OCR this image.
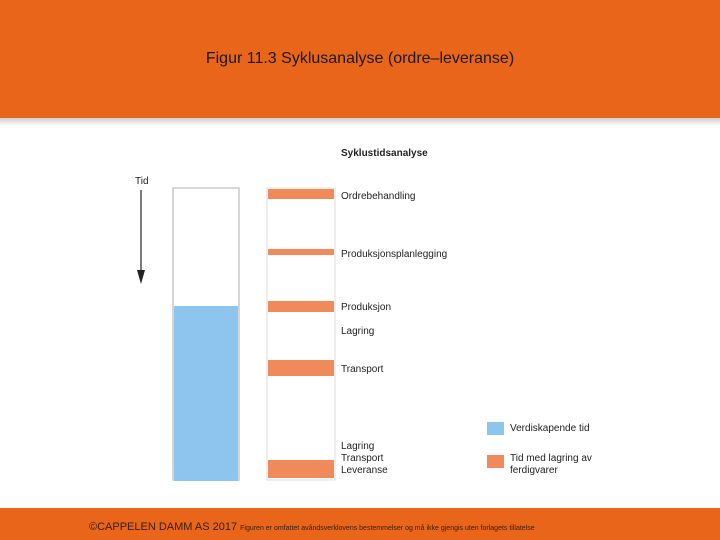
Figur 11.3 Syklusanalyse (ordre–leveranse)
Syklustidsanalyse
Tid
Ordrebehandling
Produksjonsplanlegging
Produksjon
Lagring
Transport
Lagring
Transport
Leveranse
Verdiskapende tid
Tid med lagring av
ferdigvarer
©CAPPELEN DAMM AS 2017 Figuren er omfattet avåndsverklovens bestemmelser og må ikke gjengis uten forlagets tillatelse
